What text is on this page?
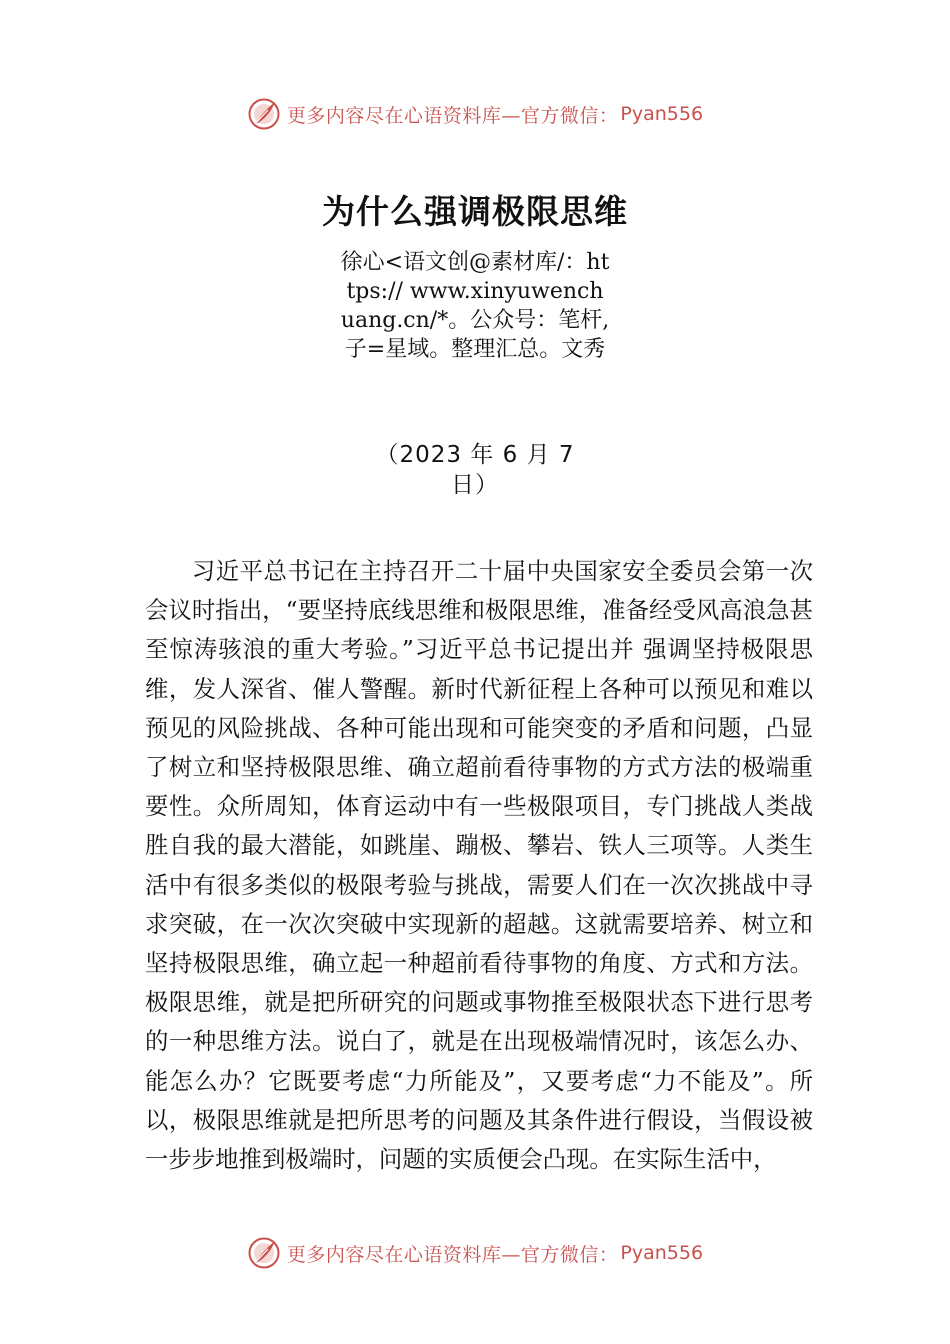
更多内容尽在心语资料库—官方微信： Pyan556
为什么强调极限思维
徐心<语文创@素材库/：https:// www.xinyuwenchuang.cn/*。公众号：笔杆,子=星域。整理汇总。文秀
（2023 年 6 月 7 日）

习近平总书记在主持召开二十届中央国家安全委员会第一次会议时指出，“要坚持底线思维和极限思维，准备经受风高浪急甚至惊涛骇浪的重大考验。”习近平总书记提出并 强调坚持极限思维，发人深省、催人警醒。新时代新征程上各种可以预见和难以预见的风险挑战、各种可能出现和可能突变的矛盾和问题，凸显了树立和坚持极限思维、确立超前看待事物的方式方法的极端重要性。众所周知，体育运动中有一些极限项目，专门挑战人类战胜自我的最大潜能，如跳崖、蹦极、攀岩、铁人三项等。人类生活中有很多类似的极限考验与挑战，需要人们在一次次挑战中寻求突破，在一次次突破中实现新的超越。这就需要培养、树立和坚持极限思维，确立起一种超前看待事物的角度、方式和方法。极限思维，就是把所研究的问题或事物推至极限状态下进行思考的一种思维方法。说白了，就是在出现极端情况时，该怎么办、能怎么办？它既要考虑“力所能及”，又要考虑“力不能及”。所以，极限思维就是把所思考的问题及其条件进行假设，当假设被一步步地推到极端时，问题的实质便会凸现。在实际生活中，

更多内容尽在心语资料库—官方微信： Pyan556
